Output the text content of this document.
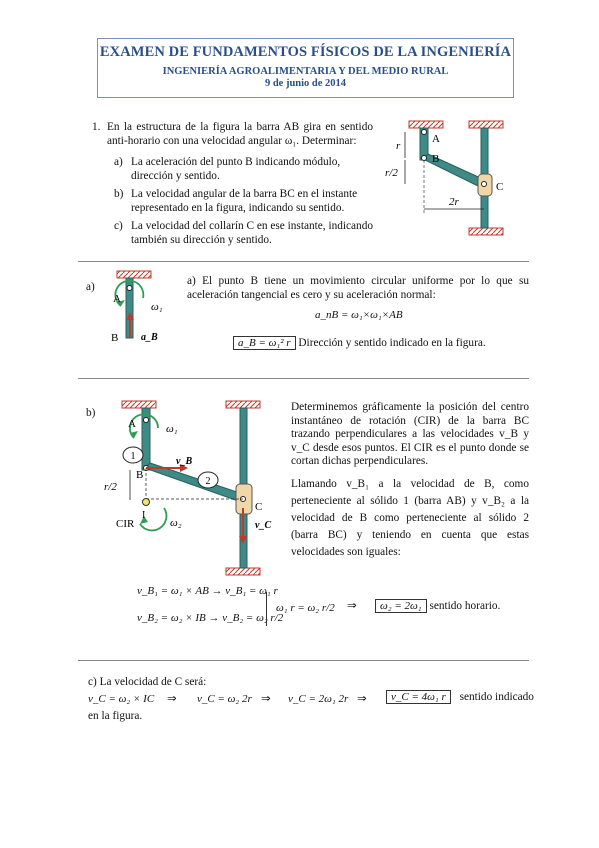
EXAMEN DE FUNDAMENTOS FÍSICOS DE LA INGENIERÍA
INGENIERÍA AGROALIMENTARIA Y DEL MEDIO RURAL
9 de junio de 2014
1. En la estructura de la figura la barra AB gira en sentido anti-horario con una velocidad angular ω₁. Determinar:
a) La aceleración del punto B indicando módulo, dirección y sentido.
b) La velocidad angular de la barra BC en el instante representado en la figura, indicando su sentido.
c) La velocidad del collarín C en ese instante, indicando también su dirección y sentido.
A
B
C
r
r/2
2r
a)
A
B
ω₁
a_B
a) El punto B tiene un movimiento circular uniforme por lo que su aceleración tangencial es cero y su aceleración normal:
a_nB = ω₁×ω₁×AB
a_B = ω₁² r Dirección y sentido indicado en la figura.
b)
A
1
2
B
C
ω₁
ω₂
v_B
v_C
r/2
I
CIR
Determinemos gráficamente la posición del centro instantáneo de rotación (CIR) de la barra BC trazando perpendiculares a las velocidades v_B y v_C desde esos puntos. El CIR es el punto donde se cortan dichas perpendiculares.
Llamando v_B₁ a la velocidad de B, como perteneciente al sólido 1 (barra AB) y v_B₂ a la velocidad de B como perteneciente al sólido 2 (barra BC) y teniendo en cuenta que estas velocidades son iguales:
v_B₁ = ω₁ × AB → v_B₁ = ω₁ r
v_B₂ = ω₂ × IB → v_B₂ = ω₂ r/2
ω₁ r = ω₂ r/2 ⇒	ω₂ = 2ω₁ sentido horario.
c) La velocidad de C será:
v_C = ω₂ × IC ⇒ v_C = ω₂ 2r ⇒ v_C = 2ω₁ 2r ⇒	v_C = 4ω₁ r sentido indicado
en la figura.
